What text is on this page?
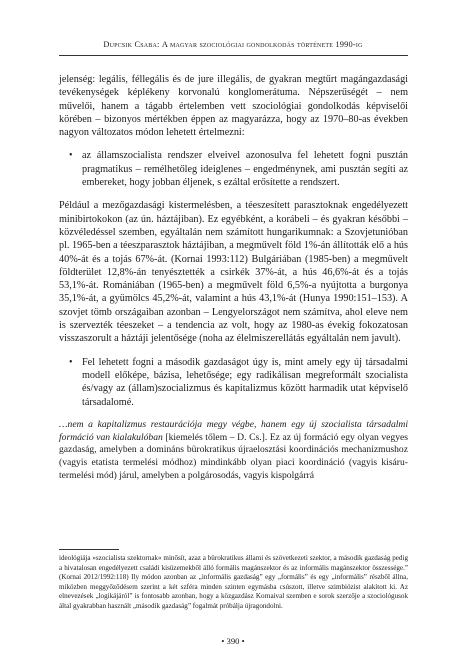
Dupcsik Csaba: A magyar szociológiai gondolkodás története 1990-ig

jelenség: legális, féllegális és de jure illegális, de gyakran megtűrt magángazdasági tevékenységek képlékeny korvonalú konglomerátuma. Népszerűségét – nem művelői, hanem a tágabb értelemben vett szociológiai gondolkodás képviselői körében – bizonyos mértékben éppen az magyarázza, hogy az 1970–80-as években nagyon változatos módon lehetett értelmezni:

• az államszocialista rendszer elveivel azonosulva fel lehetett fogni pusztán pragmatikus – remélhetőleg ideiglenes – engedménynek, ami pusztán segíti az embereket, hogy jobban éljenek, s ezáltal erősítette a rendszert.

Például a mezőgazdasági kistermelésben, a téeszesített parasztoknak engedélyezett minibirtokokon (az ún. háztájiban). Ez egyébként, a korábeli – és gyakran későbbi – közvéledéssel szemben, egyáltalán nem számított hungarikumnak: a Szovjetunióban pl. 1965-ben a téeszparasztok háztájiban, a megművelt föld 1%-án állították elő a hús 40%-át és a tojás 67%-át. (Kornai 1993:112) Bulgáriában (1985-ben) a megművelt földterület 12,8%-án tenyésztették a csirkék 37%-át, a hús 46,6%-át és a tojás 53,1%-át. Romániában (1965-ben) a megművelt föld 6,5%-a nyújtotta a burgonya 35,1%-át, a gyümölcs 45,2%-át, valamint a hús 43,1%-át (Hunya 1990:151–153). A szovjet tömb országaiban azonban – Lengyelországot nem számítva, ahol eleve nem is szervezték téeszeket – a tendencia az volt, hogy az 1980-as évekig fokozatosan visszaszorult a háztáji jelentősége (noha az élelmiszerellátás egyáltalán nem javult).

• Fel lehetett fogni a második gazdaságot úgy is, mint amely egy új társadalmi modell előképe, bázisa, lehetősége; egy radikálisan megreformált szocialista és/vagy az (állam)szocializmus és kapitalizmus között harmadik utat képviselő társadalomé.

…nem a kapitalizmus restaurációja megy végbe, hanem egy új szocialista társadalmi formáció van kialakulóban [kiemelés tőlem – D. Cs.]. Ez az új formáció egy olyan vegyes gazdaság, amelyben a domináns bürokratikus újraelosztási koordinációs mechanizmushoz (vagyis etatista termelési módhoz) mindinkább olyan piaci koordináció (vagyis kisáru-termelési mód) járul, amelyben a polgárosodás, vagyis kispolgárrá

ideológiája »szocialista szektornak« minősít, azaz a bürokratikus állami és szövetkezeti szektor, a második gazdaság pedig a hivatalosan engedélyezett családi kisüzemekből álló formális magánszektor és az informális magánszektor összessége.” (Kornai 2012/1992:118) Ily módon azonban az „informális gazdaság” egy „formális” és egy „informális” részből állna, miközben meggyőződésem szerint a két szféra minden szinten egymásba csúszott, illetve szimbiózist alakított ki. Az elnevezések „logikájáról” is fontosabb azonban, hogy a közgazdász Kornaival szemben e sorok szerzője a szociológusok által gyakrabban használt „második gazdaság” fogalmát próbálja újragondolni.

• 390 •
